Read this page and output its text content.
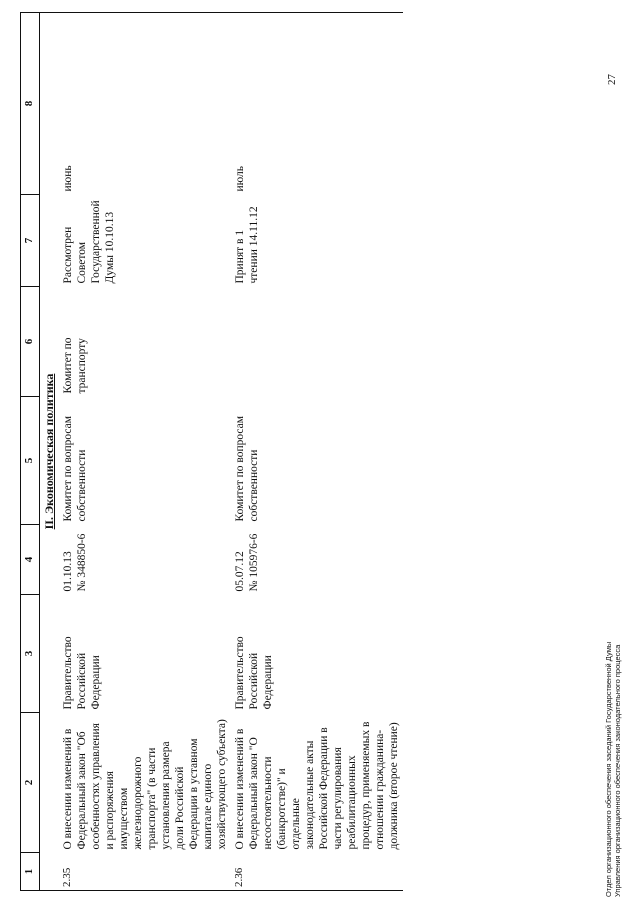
1	2	3	4	5	6	7	8
II. Экономическая политика							
2.35	О внесении изменений в Федеральный закон "Об особенностях управления и распоряжения имуществом железнодорожного транспорта" (в части установления размера доли Российской Федерации в уставном капитале единого хозяйствующего субъекта)	Правительство Российской Федерации	01.10.13 № 348850-6	Комитет по вопросам собственности	Комитет по транспорту	Рассмотрен Советом Государственной Думы 10.10.13	июнь
2.36	О внесении изменений в Федеральный закон "О несостоятельности (банкротстве)" и отдельные законодательные акты Российской Федерации в части регулирования реабилитационных процедур, применяемых в отношении гражданина-должника (второе чтение)	Правительство Российской Федерации	05.07.12 № 105976-6	Комитет по вопросам собственности		Принят в 1 чтении 14.11.12	июль
27
Отдел организационного обеспечения заседаний Государственной Думы Управления организационного обеспечения законодательного процесса
